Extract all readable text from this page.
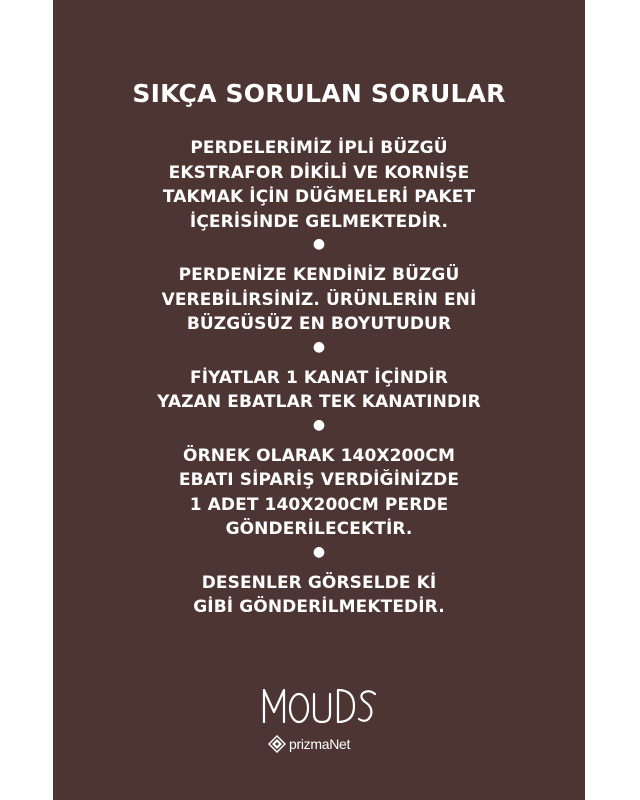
SIKÇA SORULAN SORULAR
PERDELERİMİZ İPLİ BÜZGÜ
EKSTRAFOR DİKİLİ VE KORNİŞE
TAKMAK İÇİN DÜĞMELERİ PAKET
İÇERİSİNDE GELMEKTEDİR.
●
PERDENİZE KENDİNİZ BÜZGÜ
VEREBİLİRSİNİZ. ÜRÜNLERİN ENİ
BÜZGÜSÜZ EN BOYUTUDUR
●
FİYATLAR 1 KANAT İÇİNDİR
YAZAN EBATLAR TEK KANATINDIR
●
ÖRNEK OLARAK 140X200CM
EBATI SİPARİŞ VERDİĞİNİZDE
1 ADET 140X200CM PERDE
GÖNDERİLECEKTİR.
●
DESENLER GÖRSELDE Kİ
GİBİ GÖNDERİLMEKTEDİR.
prizmaNet
